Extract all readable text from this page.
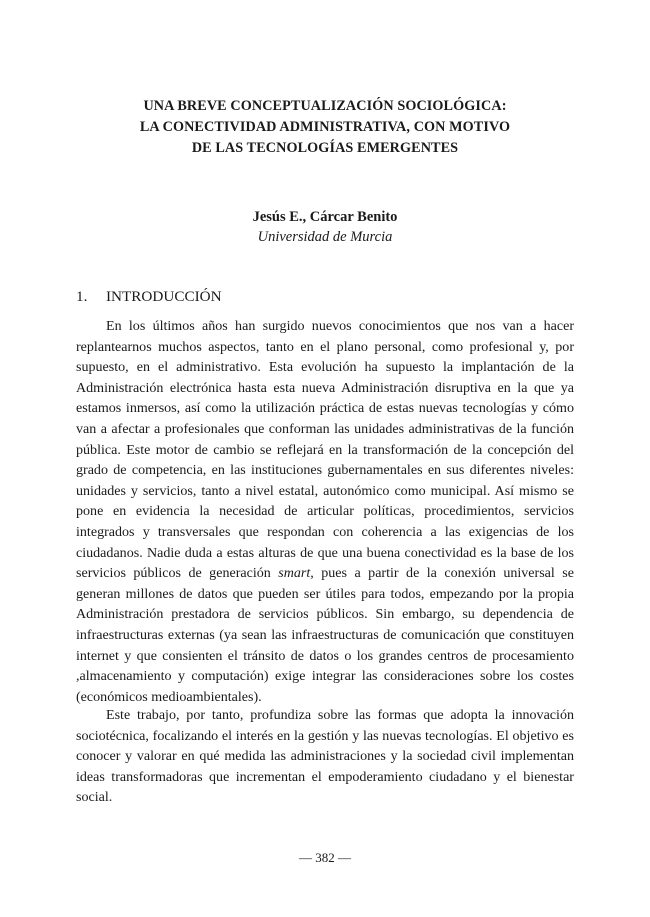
UNA BREVE CONCEPTUALIZACIÓN SOCIOLÓGICA:
LA CONECTIVIDAD ADMINISTRATIVA, CON MOTIVO
DE LAS TECNOLOGÍAS EMERGENTES
Jesús E., Cárcar Benito
Universidad de Murcia
1. INTRODUCCIÓN

En los últimos años han surgido nuevos conocimientos que nos van a hacer replantearnos muchos aspectos, tanto en el plano personal, como profesional y, por supuesto, en el administrativo. Esta evolución ha supuesto la implantación de la Administración electrónica hasta esta nueva Administración disruptiva en la que ya estamos inmersos, así como la utilización práctica de estas nuevas tecnologías y cómo van a afectar a profesionales que conforman las unidades administrativas de la función pública. Este motor de cambio se reflejará en la transformación de la concepción del grado de competencia, en las instituciones gubernamentales en sus diferentes niveles: unidades y servicios, tanto a nivel estatal, autonómico como municipal. Así mismo se pone en evidencia la necesidad de articular políticas, procedimientos, servicios integrados y transversales que respondan con coherencia a las exigencias de los ciudadanos. Nadie duda a estas alturas de que una buena conectividad es la base de los servicios públicos de generación smart, pues a partir de la conexión universal se generan millones de datos que pueden ser útiles para todos, empezando por la propia Administración prestadora de servicios públicos. Sin embargo, su dependencia de infraestructuras externas (ya sean las infraestructuras de comunicación que constituyen internet y que consienten el tránsito de datos o los grandes centros de procesamiento ,almacenamiento y computación) exige integrar las consideraciones sobre los costes (económicos medioambientales).

Este trabajo, por tanto, profundiza sobre las formas que adopta la innovación sociotécnica, focalizando el interés en la gestión y las nuevas tecnologías. El objetivo es conocer y valorar en qué medida las administraciones y la sociedad civil implementan ideas transformadoras que incrementan el empoderamiento ciudadano y el bienestar social.

— 382 —
